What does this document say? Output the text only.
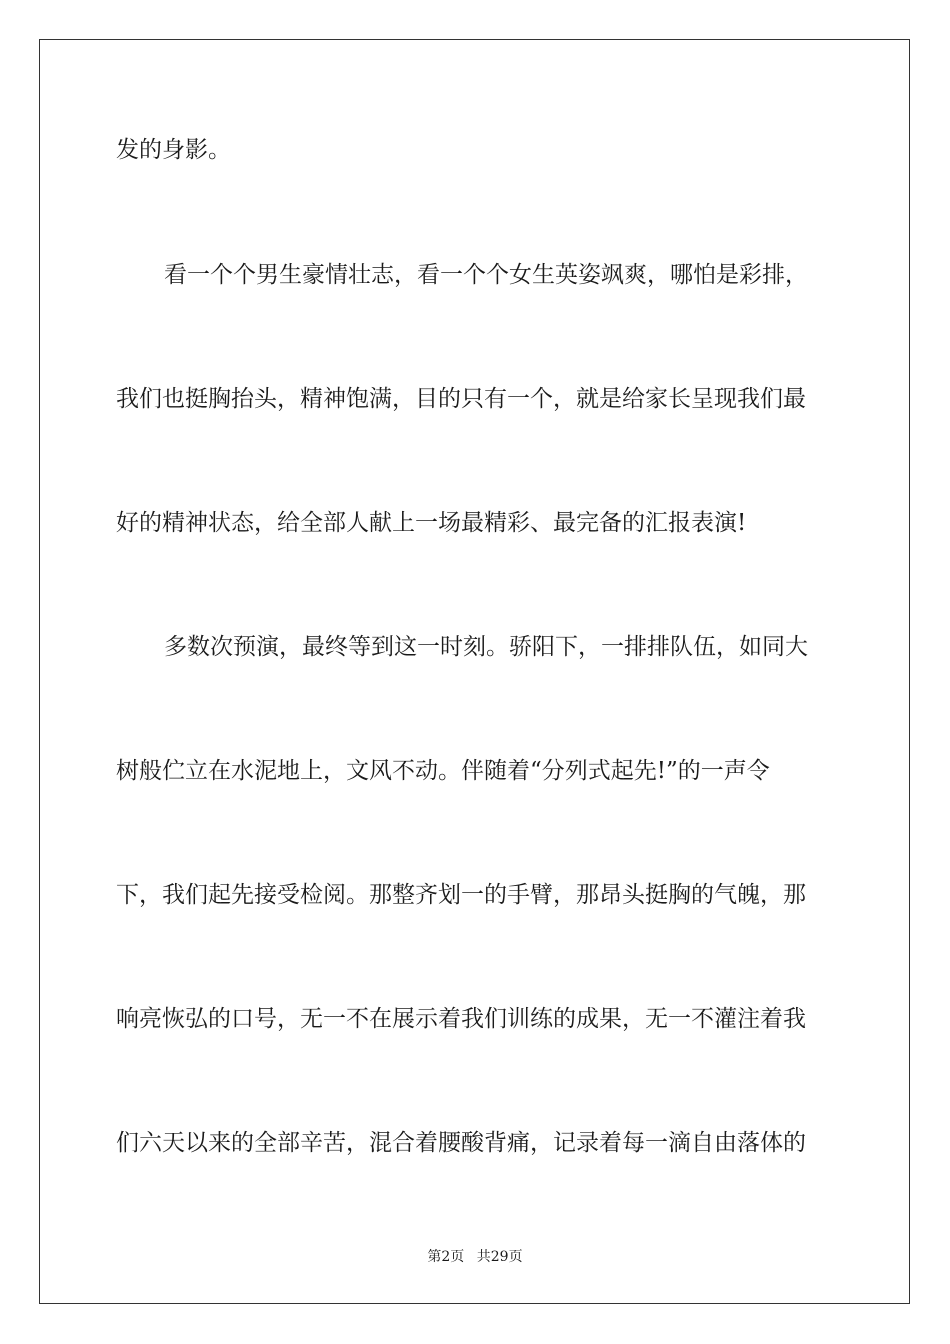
发的身影。
看一个个男生豪情壮志，看一个个女生英姿飒爽，哪怕是彩排，
我们也挺胸抬头，精神饱满，目的只有一个，就是给家长呈现我们最
好的精神状态，给全部人献上一场最精彩、最完备的汇报表演!
多数次预演，最终等到这一时刻。骄阳下，一排排队伍，如同大
树般伫立在水泥地上，文风不动。伴随着“分列式起先!”的一声令
下，我们起先接受检阅。那整齐划一的手臂，那昂头挺胸的气魄，那
响亮恢弘的口号，无一不在展示着我们训练的成果，无一不灌注着我
们六天以来的全部辛苦，混合着腰酸背痛，记录着每一滴自由落体的
第2页 共29页
